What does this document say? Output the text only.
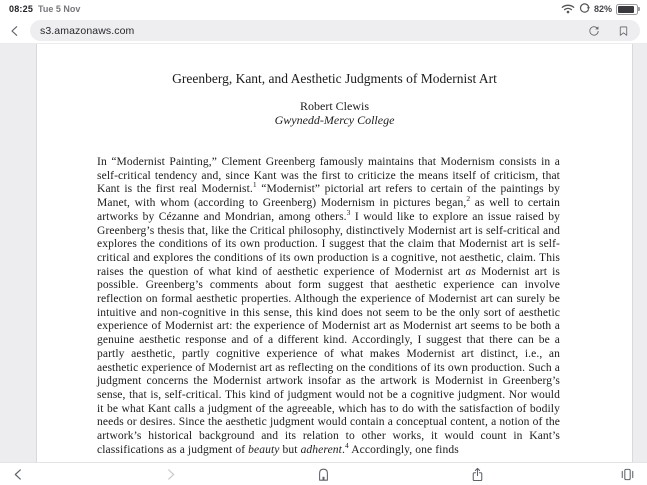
08:25 Tue 5 Nov	82%
s3.amazonaws.com
Greenberg, Kant, and Aesthetic Judgments of Modernist Art
Robert Clewis
Gwynedd-Mercy College
In “Modernist Painting,” Clement Greenberg famously maintains that Modernism consists in a self-critical tendency and, since Kant was the first to criticize the means itself of criticism, that Kant is the first real Modernist.$^1$ “Modernist” pictorial art refers to certain of the paintings by Manet, with whom (according to Greenberg) Modernism in pictures began,$^2$ as well to certain artworks by Cézanne and Mondrian, among others.$^3$ I would like to explore an issue raised by Greenberg’s thesis that, like the Critical philosophy, distinctively Modernist art is self-critical and explores the conditions of its own production. I suggest that the claim that Modernist art is self-critical and explores the conditions of its own production is a cognitive, not aesthetic, claim. This raises the question of what kind of aesthetic experience of Modernist art as Modernist art is possible. Greenberg’s comments about form suggest that aesthetic experience can involve reflection on formal aesthetic properties. Although the experience of Modernist art can surely be intuitive and non-cognitive in this sense, this kind does not seem to be the only sort of aesthetic experience of Modernist art: the experience of Modernist art as Modernist art seems to be both a genuine aesthetic response and of a different kind. Accordingly, I suggest that there can be a partly aesthetic, partly cognitive experience of what makes Modernist art distinct, i.e., an aesthetic experience of Modernist art as reflecting on the conditions of its own production. Such a judgment concerns the Modernist artwork insofar as the artwork is Modernist in Greenberg’s sense, that is, self-critical. This kind of judgment would not be a cognitive judgment. Nor would it be what Kant calls a judgment of the agreeable, which has to do with the satisfaction of bodily needs or desires. Since the aesthetic judgment would contain a conceptual content, a notion of the artwork’s historical background and its relation to other works, it would count in Kant’s classifications as a judgment of beauty but adherent.$^4$ Accordingly, one finds
